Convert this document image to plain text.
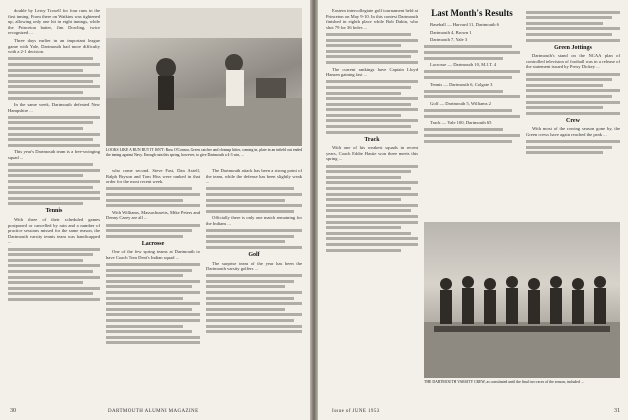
double by Leroy Troxell for four runs in the first inning. From there on Watkins was tightened up, allowing only one hit in eight innings, while the Princeton batter, Jim Dowling, twice recognized ...

Three days earlier in an important league game with Yale, Dartmouth had more difficulty with a 2-1 decision.

In the same week, Dartmouth defeated New Hampshire ...

This year's Dartmouth team is a free-swinging squad ...

Tennis

With three of their scheduled games postponed or cancelled by rain and a number of practice sessions missed for the same reason, the Dartmouth varsity tennis team was handicapped ...

LOOKS LIKE A RUN BUT IT ISN'T: Russ O'Connor, Green catcher and cleanup hitter, coming in, plate in an infield out ended the inning against Navy. Enough rain this spring, however, to give Dartmouth a 4-3 win, ...

who come second. Steve Fast, Dan Axtell, Ralph Bryson and Tom Hiss were ranked in that order for the most recent week.

With Williams, Massachusetts, Mike Peters and Denny Carey are all ...

Lacrosse

One of the few spring teams at Dartmouth to have Coach Tom Dent's Indian squad ...

The Dartmouth attack has been a strong point of the team, while the defense has been slightly weak ...

Officially there is only one match remaining for the Indians ...

Golf

The surprise team of the year has been the Dartmouth varsity golfers ...

30	DARTMOUTH ALUMNI MAGAZINE

Eastern intercollegiate golf tournament held at Princeton on May 9-10. In this contest Dartmouth finished in eighth place while Bob Dakin, who shot 79 for 36 holes ...

The current rankings have Captain Lloyd Hansen gaining fast ...

Track

With one of his weakest squads in recent years, Coach Eddie Hastie won three meets this spring ...

Last Month's Results

Baseball — Harvard 11, Dartmouth 6

Dartmouth 4, Brown 1

Dartmouth 7, Yale 3

Lacrosse — Dartmouth 10, M.I.T. 4

Tennis — Dartmouth 6, Colgate 3

Golf — Dartmouth 5, Williams 2

Track — Yale 100, Dartmouth 65

Green Jottings

Dartmouth's stand on the NCAA plan of controlled television of football was in a release of the statement issued by Prexy Dickey ...

Crew

With most of the rowing season gone by, the Green crews have again reached the peak ...

THE DARTMOUTH VARSITY CREW, as constituted until the final two races of the season, included ...
Issue of JUNE 1953	31
